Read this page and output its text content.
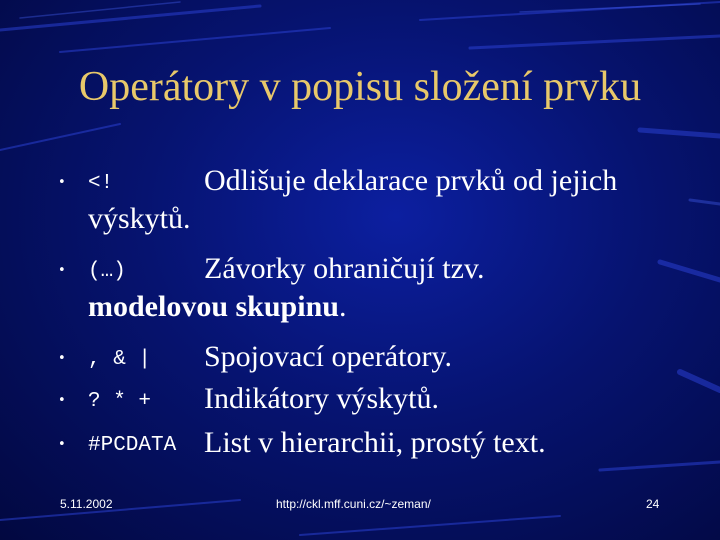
Operátory v popisu složení prvku
• <!	Odlišuje deklarace prvků od jejich
výskytů.
• (…)	Závorky ohraničují tzv.
modelovou skupinu.
• , & | Spojovací operátory.
• ? * + Indikátory výskytů.
• #PCDATA List v hierarchii, prostý text.
5.11.2002	http://ckl.mff.cuni.cz/~zeman/	24
